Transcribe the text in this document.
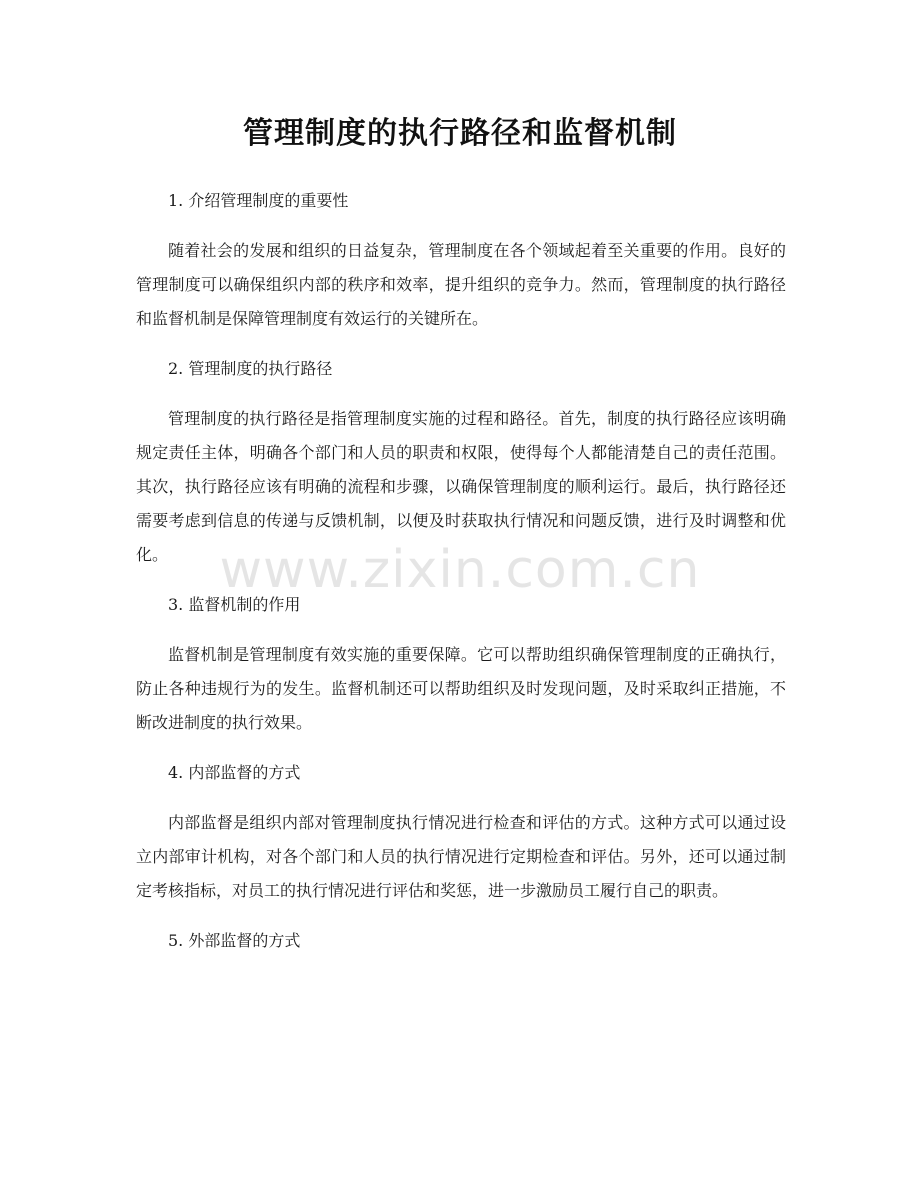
管理制度的执行路径和监督机制

1. 介绍管理制度的重要性

随着社会的发展和组织的日益复杂，管理制度在各个领域起着至关重要的作用。良好的管理制度可以确保组织内部的秩序和效率，提升组织的竞争力。然而，管理制度的执行路径和监督机制是保障管理制度有效运行的关键所在。

2. 管理制度的执行路径

管理制度的执行路径是指管理制度实施的过程和路径。首先，制度的执行路径应该明确规定责任主体，明确各个部门和人员的职责和权限，使得每个人都能清楚自己的责任范围。其次，执行路径应该有明确的流程和步骤，以确保管理制度的顺利运行。最后，执行路径还需要考虑到信息的传递与反馈机制，以便及时获取执行情况和问题反馈，进行及时调整和优化。

3. 监督机制的作用

监督机制是管理制度有效实施的重要保障。它可以帮助组织确保管理制度的正确执行，防止各种违规行为的发生。监督机制还可以帮助组织及时发现问题，及时采取纠正措施，不断改进制度的执行效果。

4. 内部监督的方式

内部监督是组织内部对管理制度执行情况进行检查和评估的方式。这种方式可以通过设立内部审计机构，对各个部门和人员的执行情况进行定期检查和评估。另外，还可以通过制定考核指标，对员工的执行情况进行评估和奖惩，进一步激励员工履行自己的职责。

5. 外部监督的方式

www.zixin.com.cn
